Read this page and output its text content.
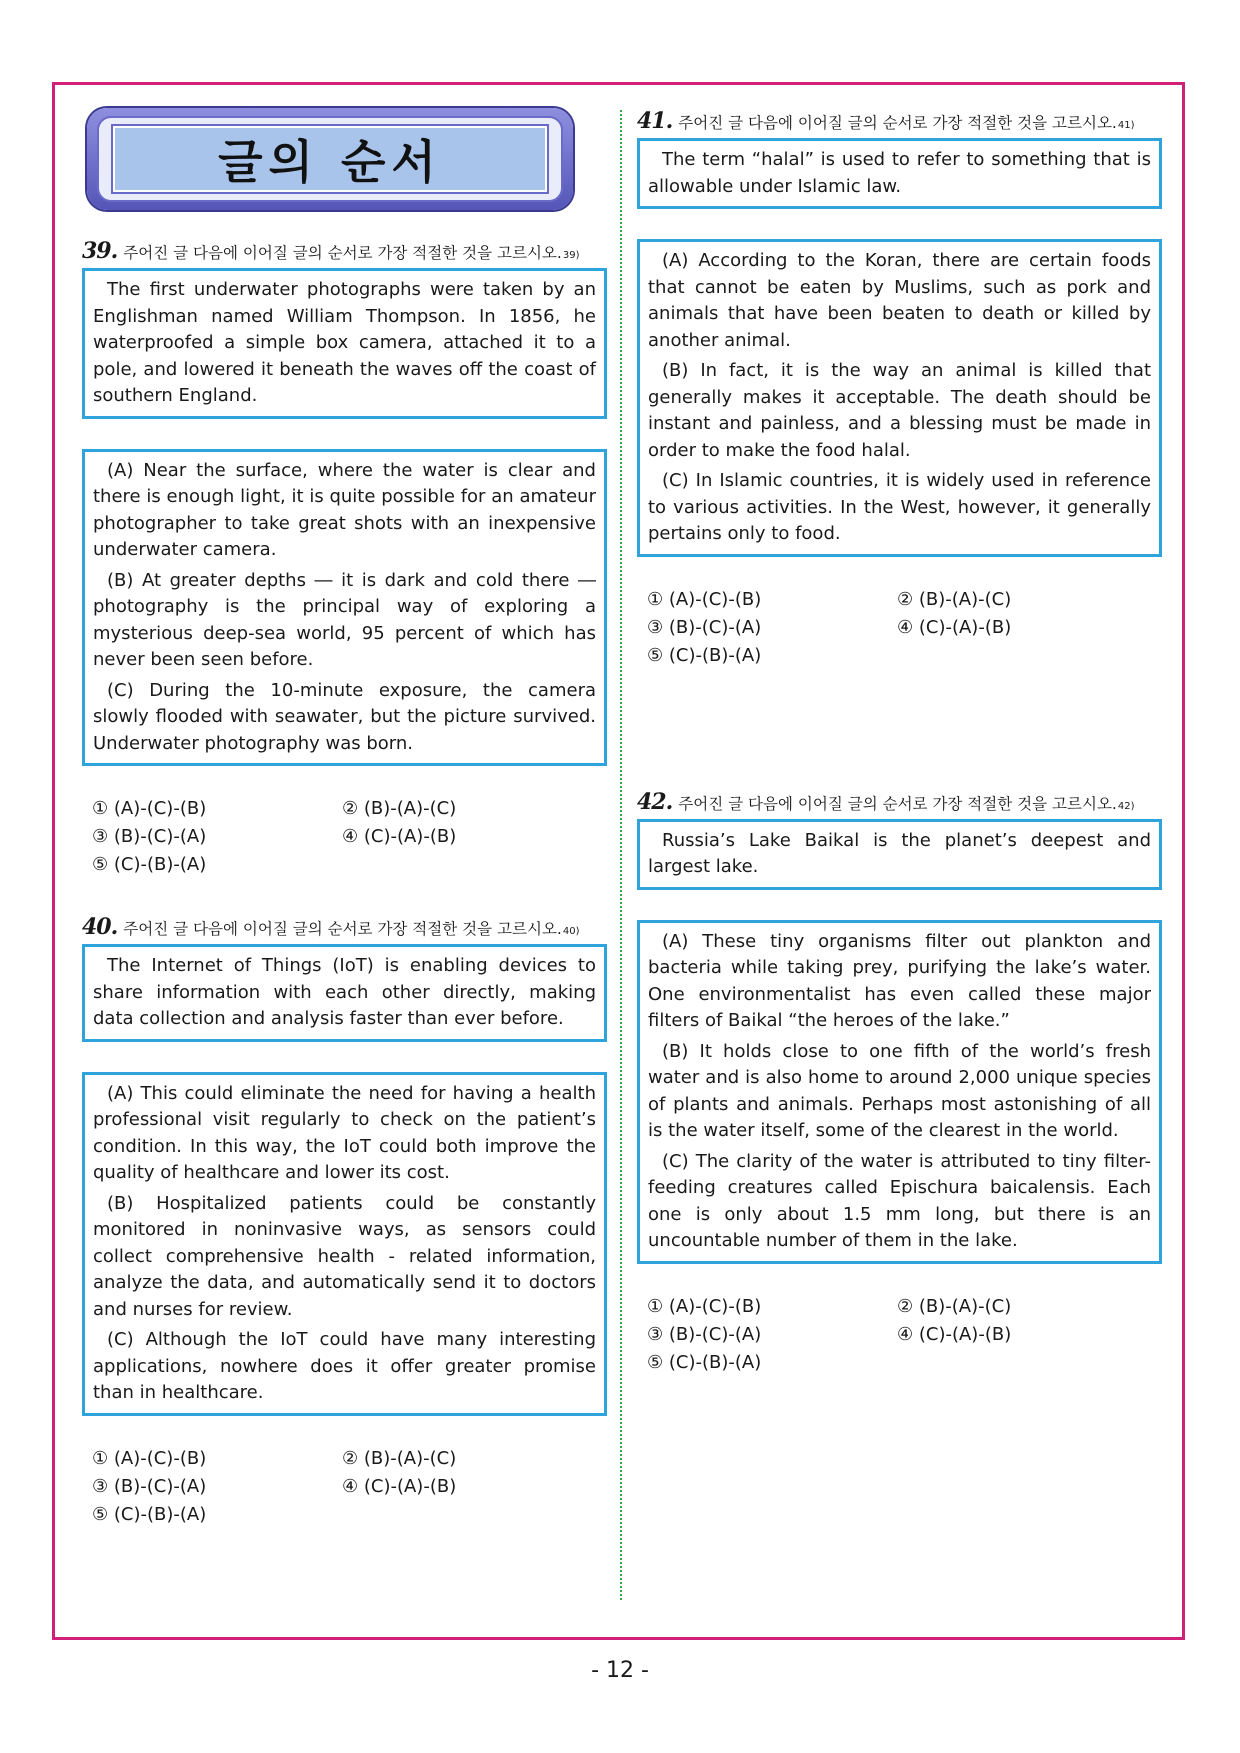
글의 순서
39. 주어진 글 다음에 이어질 글의 순서로 가장 적절한 것을 고르시오. 39)

The first underwater photographs were taken by an Englishman named William Thompson. In 1856, he waterproofed a simple box camera, attached it to a pole, and lowered it beneath the waves off the coast of southern England.

(A) Near the surface, where the water is clear and there is enough light, it is quite possible for an amateur photographer to take great shots with an inexpensive underwater camera.

(B) At greater depths ― it is dark and cold there ― photography is the principal way of exploring a mysterious deep-sea world, 95 percent of which has never been seen before.

(C) During the 10-minute exposure, the camera slowly flooded with seawater, but the picture survived. Underwater photography was born.

① (A)-(C)-(B)	② (B)-(A)-(C)
③ (B)-(C)-(A)	④ (C)-(A)-(B)
⑤ (C)-(B)-(A)
40. 주어진 글 다음에 이어질 글의 순서로 가장 적절한 것을 고르시오. 40)

The Internet of Things (IoT) is enabling devices to share information with each other directly, making data collection and analysis faster than ever before.

(A) This could eliminate the need for having a health professional visit regularly to check on the patient’s condition. In this way, the IoT could both improve the quality of healthcare and lower its cost.

(B) Hospitalized patients could be constantly monitored in noninvasive ways, as sensors could collect comprehensive health - related information, analyze the data, and automatically send it to doctors and nurses for review.

(C) Although the IoT could have many interesting applications, nowhere does it offer greater promise than in healthcare.

① (A)-(C)-(B)	② (B)-(A)-(C)
③ (B)-(C)-(A)	④ (C)-(A)-(B)
⑤ (C)-(B)-(A)
41. 주어진 글 다음에 이어질 글의 순서로 가장 적절한 것을 고르시오. 41)

The term “halal” is used to refer to something that is allowable under Islamic law.

(A) According to the Koran, there are certain foods that cannot be eaten by Muslims, such as pork and animals that have been beaten to death or killed by another animal.

(B) In fact, it is the way an animal is killed that generally makes it acceptable. The death should be instant and painless, and a blessing must be made in order to make the food halal.

(C) In Islamic countries, it is widely used in reference to various activities. In the West, however, it generally pertains only to food.

① (A)-(C)-(B)	② (B)-(A)-(C)
③ (B)-(C)-(A)	④ (C)-(A)-(B)
⑤ (C)-(B)-(A)
42. 주어진 글 다음에 이어질 글의 순서로 가장 적절한 것을 고르시오. 42)

Russia’s Lake Baikal is the planet’s deepest and largest lake.

(A) These tiny organisms filter out plankton and bacteria while taking prey, purifying the lake’s water. One environmentalist has even called these major filters of Baikal “the heroes of the lake.”

(B) It holds close to one fifth of the world’s fresh water and is also home to around 2,000 unique species of plants and animals. Perhaps most astonishing of all is the water itself, some of the clearest in the world.

(C) The clarity of the water is attributed to tiny filter-feeding creatures called Epischura baicalensis. Each one is only about 1.5 mm long, but there is an uncountable number of them in the lake.

① (A)-(C)-(B)	② (B)-(A)-(C)
③ (B)-(C)-(A)	④ (C)-(A)-(B)
⑤ (C)-(B)-(A)
- 12 -
